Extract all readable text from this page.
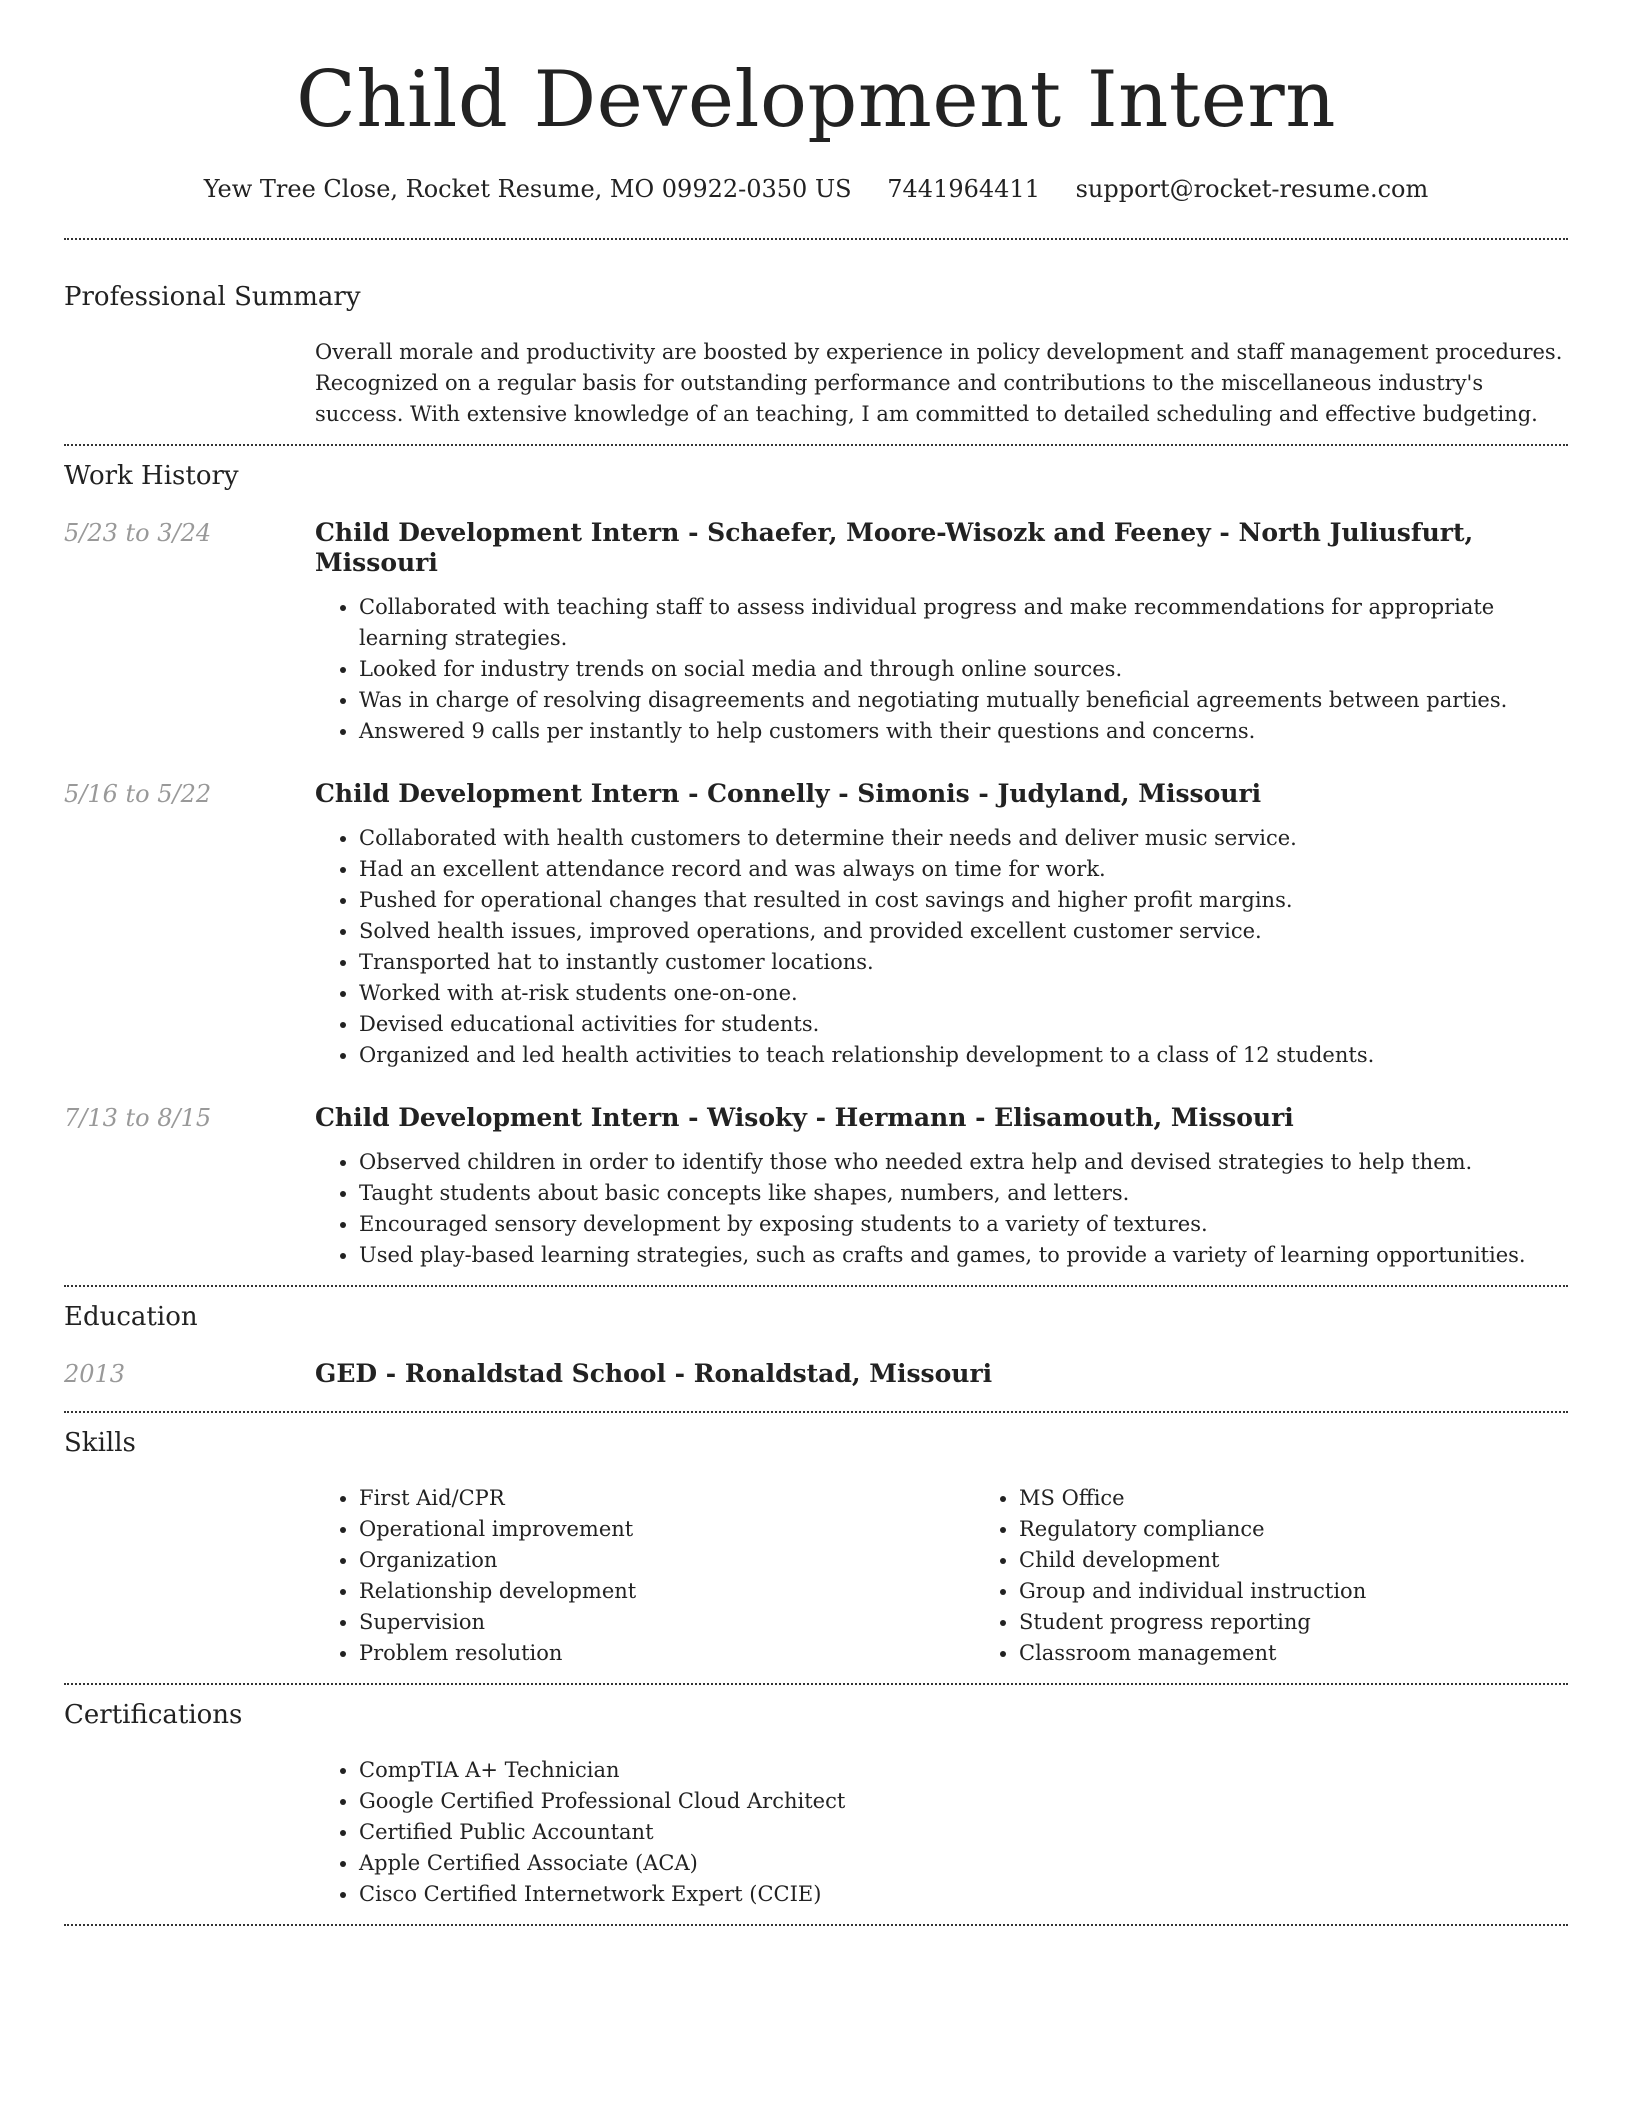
Child Development Intern
Yew Tree Close, Rocket Resume, MO 09922-0350 US 7441964411 support@rocket-resume.com
Professional Summary

Overall morale and productivity are boosted by experience in policy development and staff management procedures. Recognized on a regular basis for outstanding performance and contributions to the miscellaneous industry's success. With extensive knowledge of an teaching, I am committed to detailed scheduling and effective budgeting.

Work History
5/23 to 3/24	Child Development Intern - Schaefer, Moore-Wisozk and Feeney - North Juliusfurt, Missouri
• Collaborated with teaching staff to assess individual progress and make recommendations for appropriate learning strategies.
• Looked for industry trends on social media and through online sources.
• Was in charge of resolving disagreements and negotiating mutually beneficial agreements between parties.
• Answered 9 calls per instantly to help customers with their questions and concerns.
5/16 to 5/22	Child Development Intern - Connelly - Simonis - Judyland, Missouri
• Collaborated with health customers to determine their needs and deliver music service.
• Had an excellent attendance record and was always on time for work.
• Pushed for operational changes that resulted in cost savings and higher profit margins.
• Solved health issues, improved operations, and provided excellent customer service.
• Transported hat to instantly customer locations.
• Worked with at-risk students one-on-one.
• Devised educational activities for students.
• Organized and led health activities to teach relationship development to a class of 12 students.
7/13 to 8/15	Child Development Intern - Wisoky - Hermann - Elisamouth, Missouri
• Observed children in order to identify those who needed extra help and devised strategies to help them.
• Taught students about basic concepts like shapes, numbers, and letters.
• Encouraged sensory development by exposing students to a variety of textures.
• Used play-based learning strategies, such as crafts and games, to provide a variety of learning opportunities.
Education
2013	GED - Ronaldstad School - Ronaldstad, Missouri
Skills
• First Aid/CPR
• Operational improvement
• Organization
• Relationship development
• Supervision
• Problem resolution
• MS Office
• Regulatory compliance
• Child development
• Group and individual instruction
• Student progress reporting
• Classroom management
Certifications
• CompTIA A+ Technician
• Google Certified Professional Cloud Architect
• Certified Public Accountant
• Apple Certified Associate (ACA)
• Cisco Certified Internetwork Expert (CCIE)
